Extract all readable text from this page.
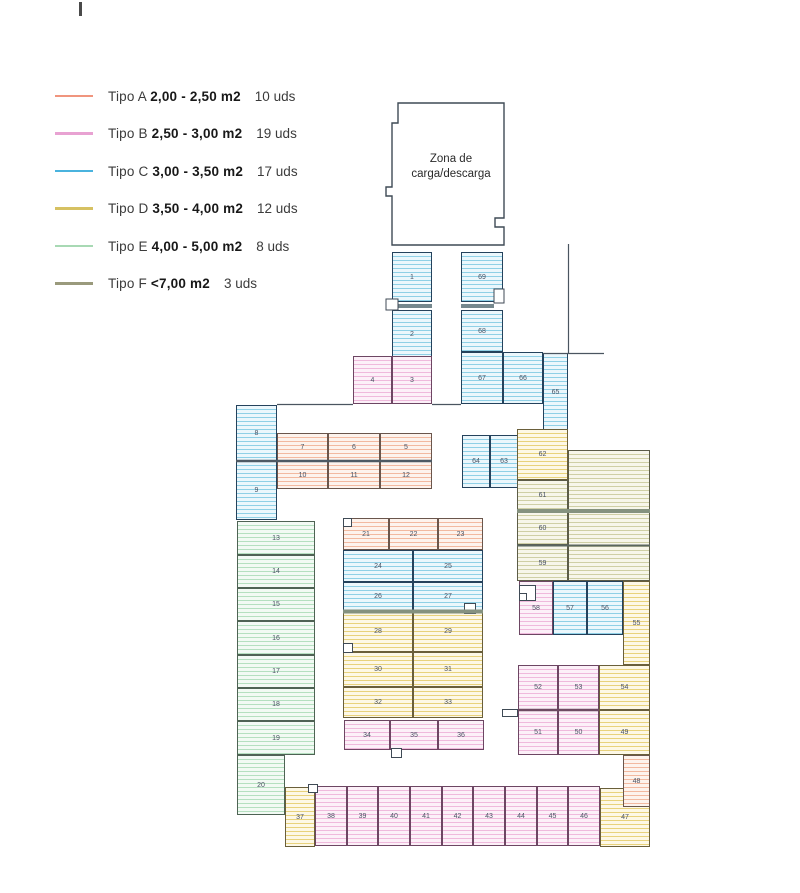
Tipo A 2,00 - 2,50 m2 10 uds
Tipo B 2,50 - 3,00 m2 19 uds
Tipo C 3,00 - 3,50 m2 17 uds
Tipo D 3,50 - 4,00 m2 12 uds
Tipo E 4,00 - 5,00 m2 8 uds
Tipo F <7,00 m2 3 uds
Zona de
carga/descarga
1
2
69
68
67	66
65
4	3
8
9
7	6	5
10	11	12
64	63
62
61
60
59
13
14
15
16
17
18
19
20
21	22	23
24	25
26	27
28	29
30	31
32	33
34	35	36
58	57	56
55
52	53	54
51	50	49
47
48
37	38	39	40	41	42	43	44	45	46
